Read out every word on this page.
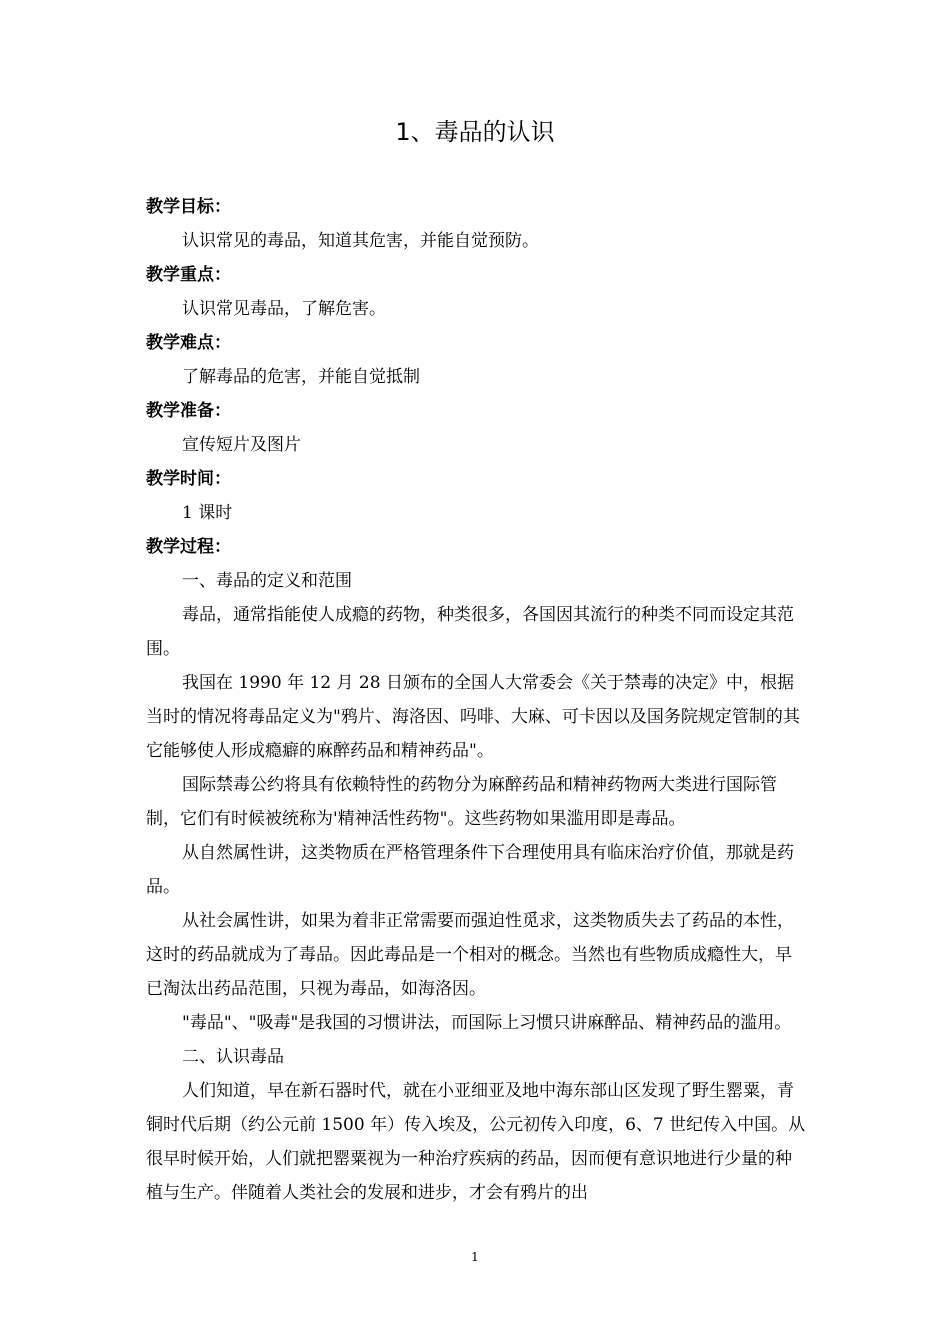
1、毒品的认识
教学目标：
认识常见的毒品，知道其危害，并能自觉预防。
教学重点：
认识常见毒品，了解危害。
教学难点：
了解毒品的危害，并能自觉抵制
教学准备：
宣传短片及图片
教学时间：
1 课时
教学过程：
一、毒品的定义和范围

毒品，通常指能使人成瘾的药物，种类很多，各国因其流行的种类不同而设定其范围。

我国在 1990 年 12 月 28 日颁布的全国人大常委会《关于禁毒的决定》中，根据当时的情况将毒品定义为"鸦片、海洛因、吗啡、大麻、可卡因以及国务院规定管制的其它能够使人形成瘾癖的麻醉药品和精神药品"。

国际禁毒公约将具有依赖特性的药物分为麻醉药品和精神药物两大类进行国际管制，它们有时候被统称为'精神活性药物"。这些药物如果滥用即是毒品。

从自然属性讲，这类物质在严格管理条件下合理使用具有临床治疗价值，那就是药品。

从社会属性讲，如果为着非正常需要而强迫性觅求，这类物质失去了药品的本性，这时的药品就成为了毒品。因此毒品是一个相对的概念。当然也有些物质成瘾性大，早已淘汰出药品范围，只视为毒品，如海洛因。

"毒品"、"吸毒"是我国的习惯讲法，而国际上习惯只讲麻醉品、精神药品的滥用。

二、认识毒品

人们知道，早在新石器时代，就在小亚细亚及地中海东部山区发现了野生罂粟，青铜时代后期（约公元前 1500 年）传入埃及，公元初传入印度，6、7 世纪传入中国。从很早时候开始，人们就把罂粟视为一种治疗疾病的药品，因而便有意识地进行少量的种植与生产。伴随着人类社会的发展和进步，才会有鸦片的出

1
